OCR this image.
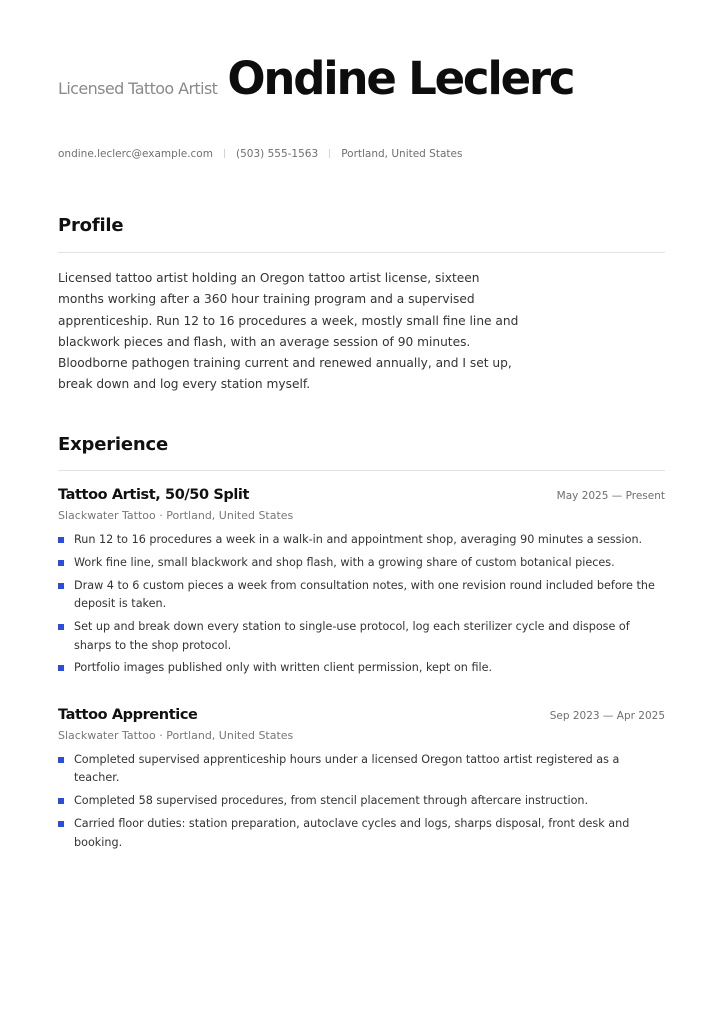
Licensed Tattoo Artist Ondine Leclerc
ondine.leclerc@example.com | (503) 555-1563 | Portland, United States
Profile
Licensed tattoo artist holding an Oregon tattoo artist license, sixteen months working after a 360 hour training program and a supervised apprenticeship. Run 12 to 16 procedures a week, mostly small fine line and blackwork pieces and flash, with an average session of 90 minutes. Bloodborne pathogen training current and renewed annually, and I set up, break down and log every station myself.
Experience
Tattoo Artist, 50/50 Split	May 2025 — Present
Slackwater Tattoo · Portland, United States
Run 12 to 16 procedures a week in a walk-in and appointment shop, averaging 90 minutes a session.
Work fine line, small blackwork and shop flash, with a growing share of custom botanical pieces.
Draw 4 to 6 custom pieces a week from consultation notes, with one revision round included before the deposit is taken.
Set up and break down every station to single-use protocol, log each sterilizer cycle and dispose of sharps to the shop protocol.
Portfolio images published only with written client permission, kept on file.
Tattoo Apprentice	Sep 2023 — Apr 2025
Slackwater Tattoo · Portland, United States
Completed supervised apprenticeship hours under a licensed Oregon tattoo artist registered as a teacher.
Completed 58 supervised procedures, from stencil placement through aftercare instruction.
Carried floor duties: station preparation, autoclave cycles and logs, sharps disposal, front desk and booking.
